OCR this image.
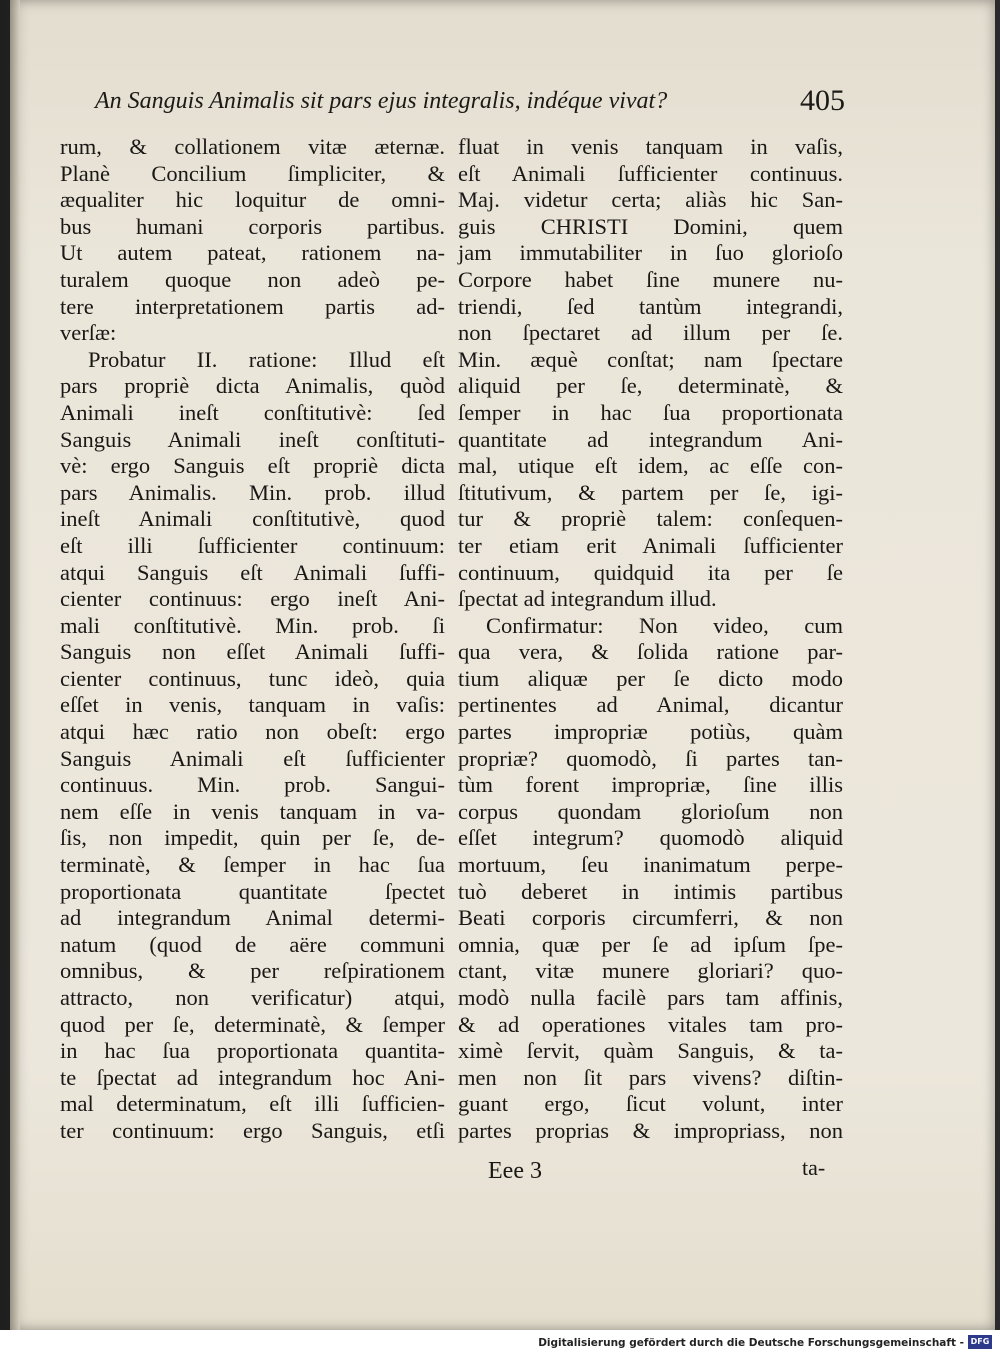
An Sanguis Animalis sit pars ejus integralis, indéque vivat?	405
rum, & collationem vitæ æternæ.
Planè Concilium ſimpliciter, &
æqualiter hic loquitur de omni-
bus humani corporis partibus.
Ut autem pateat, rationem na-
turalem quoque non adeò pe-
tere interpretationem partis ad-
verſæ:
Probatur II. ratione: Illud eſt
pars propriè dicta Animalis, quòd
Animali ineſt conſtitutivè: ſed
Sanguis Animali ineſt conſtituti-
vè: ergo Sanguis eſt propriè dicta
pars Animalis. Min. prob. illud
ineſt Animali conſtitutivè, quod
eſt illi ſufficienter continuum:
atqui Sanguis eſt Animali ſuffi-
cienter continuus: ergo ineſt Ani-
mali conſtitutivè. Min. prob. ſi
Sanguis non eſſet Animali ſuffi-
cienter continuus, tunc ideò, quia
eſſet in venis, tanquam in vaſis:
atqui hæc ratio non obeſt: ergo
Sanguis Animali eſt ſufficienter
continuus. Min. prob. Sangui-
nem eſſe in venis tanquam in va-
ſis, non impedit, quin per ſe, de-
terminatè, & ſemper in hac ſua
proportionata quantitate ſpectet
ad integrandum Animal determi-
natum (quod de aëre communi
omnibus, & per reſpirationem
attracto, non verificatur) atqui,
quod per ſe, determinatè, & ſemper
in hac ſua proportionata quantita-
te ſpectat ad integrandum hoc Ani-
mal determinatum, eſt illi ſufficien-
ter continuum: ergo Sanguis, etſi
fluat in venis tanquam in vaſis,
eſt Animali ſufficienter continuus.
Maj. videtur certa; aliàs hic San-
guis CHRISTI Domini, quem
jam immutabiliter in ſuo glorioſo
Corpore habet ſine munere nu-
triendi, ſed tantùm integrandi,
non ſpectaret ad illum per ſe.
Min. æquè conſtat; nam ſpectare
aliquid per ſe, determinatè, &
ſemper in hac ſua proportionata
quantitate ad integrandum Ani-
mal, utique eſt idem, ac eſſe con-
ſtitutivum, & partem per ſe, igi-
tur & propriè talem: conſequen-
ter etiam erit Animali ſufficienter
continuum, quidquid ita per ſe
ſpectat ad integrandum illud.
Confirmatur: Non video, cum
qua vera, & ſolida ratione par-
tium aliquæ per ſe dicto modo
pertinentes ad Animal, dicantur
partes impropriæ potiùs, quàm
propriæ? quomodò, ſi partes tan-
tùm forent impropriæ, ſine illis
corpus quondam glorioſum non
eſſet integrum? quomodò aliquid
mortuum, ſeu inanimatum perpe-
tuò deberet in intimis partibus
Beati corporis circumferri, & non
omnia, quæ per ſe ad ipſum ſpe-
ctant, vitæ munere gloriari? quo-
modò nulla facilè pars tam affinis,
& ad operationes vitales tam pro-
ximè ſervit, quàm Sanguis, & ta-
men non ſit pars vivens? diſtin-
guant ergo, ſicut volunt, inter
partes proprias & impropriass, non
Eee 3	ta-
Digitalisierung gefördert durch die Deutsche Forschungsgemeinschaft - DFG
